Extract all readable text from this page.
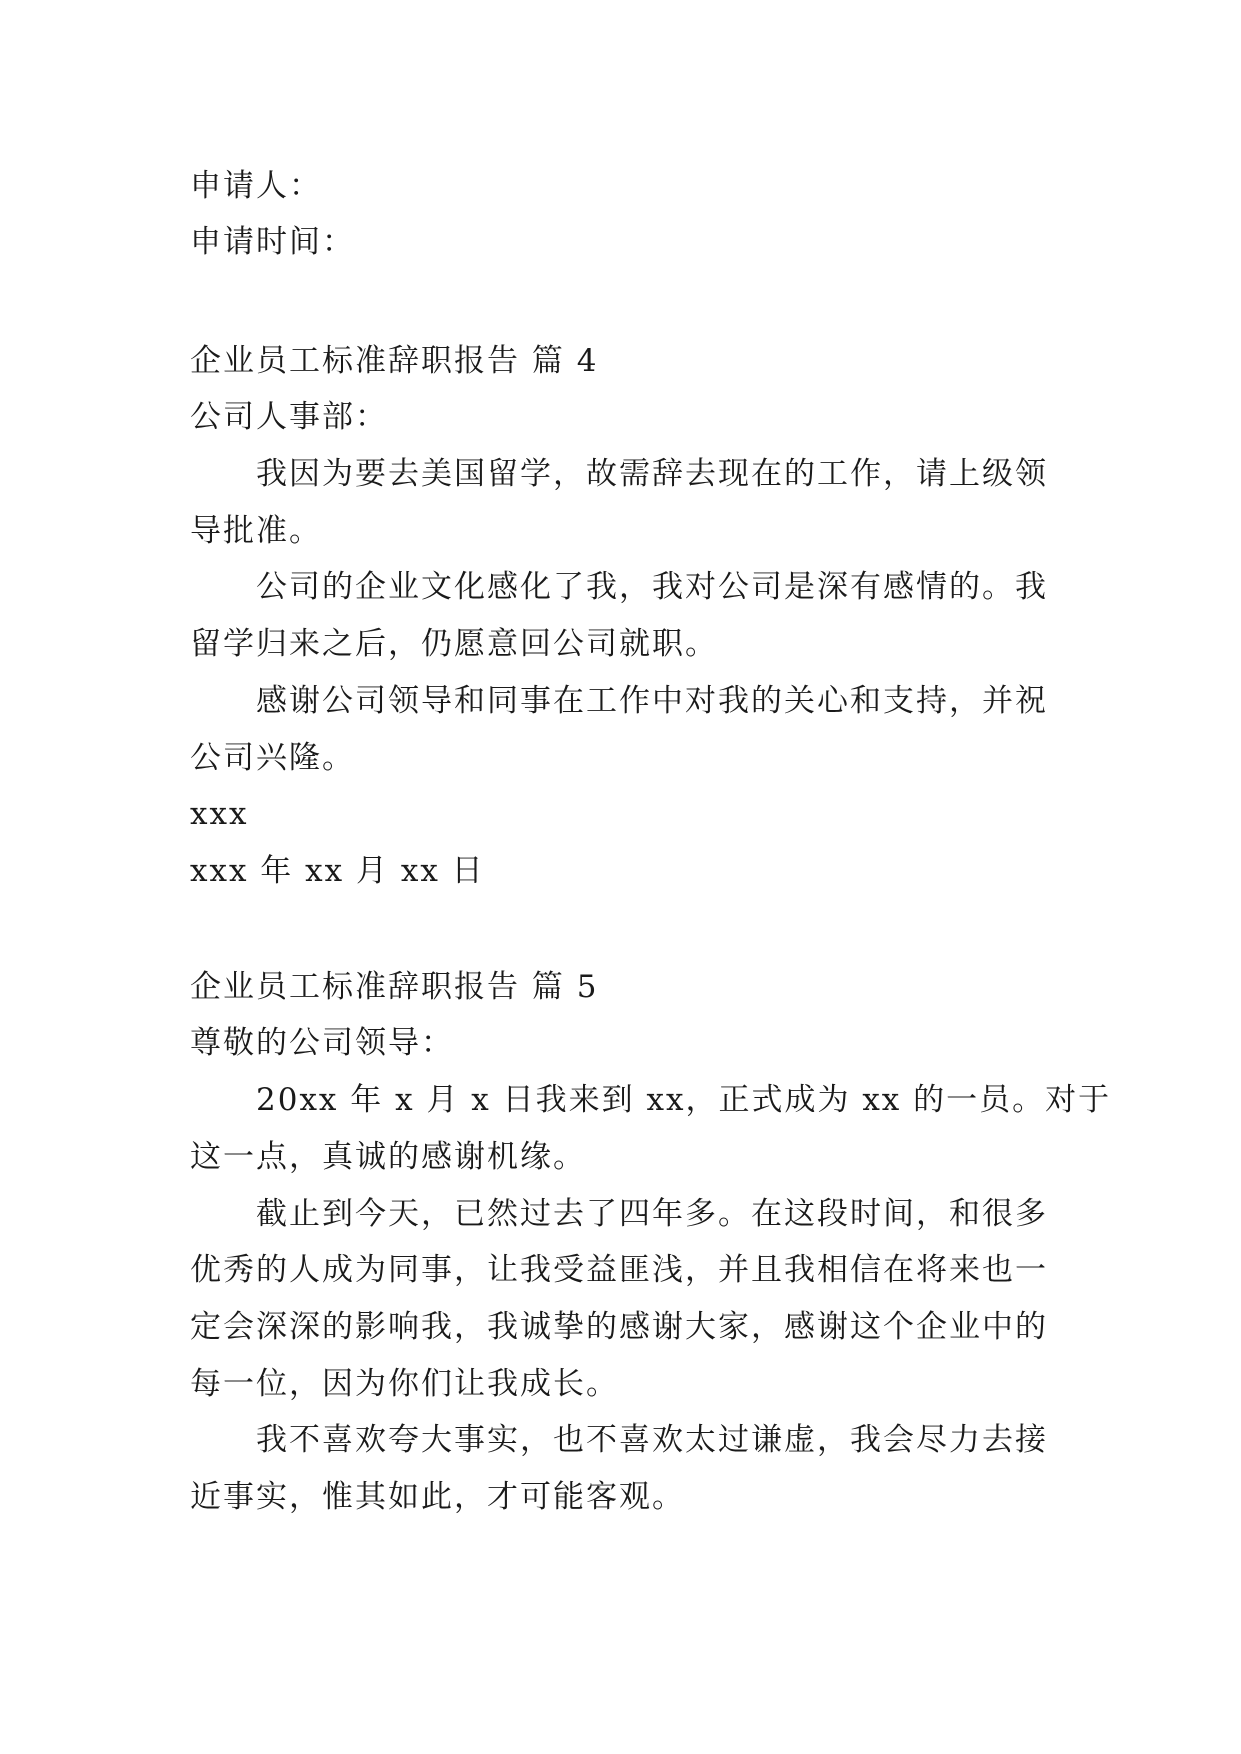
申请人：
申请时间：
企业员工标准辞职报告 篇 4
公司人事部：
我因为要去美国留学，故需辞去现在的工作，请上级领
导批准。
公司的企业文化感化了我，我对公司是深有感情的。我
留学归来之后，仍愿意回公司就职。
感谢公司领导和同事在工作中对我的关心和支持，并祝
公司兴隆。
xxx
xxx 年 xx 月 xx 日
企业员工标准辞职报告 篇 5
尊敬的公司领导：
20xx 年 x 月 x 日我来到 xx，正式成为 xx 的一员。对于
这一点，真诚的感谢机缘。
截止到今天，已然过去了四年多。在这段时间，和很多
优秀的人成为同事，让我受益匪浅，并且我相信在将来也一
定会深深的影响我，我诚挚的感谢大家，感谢这个企业中的
每一位，因为你们让我成长。
我不喜欢夸大事实，也不喜欢太过谦虚，我会尽力去接
近事实，惟其如此，才可能客观。
